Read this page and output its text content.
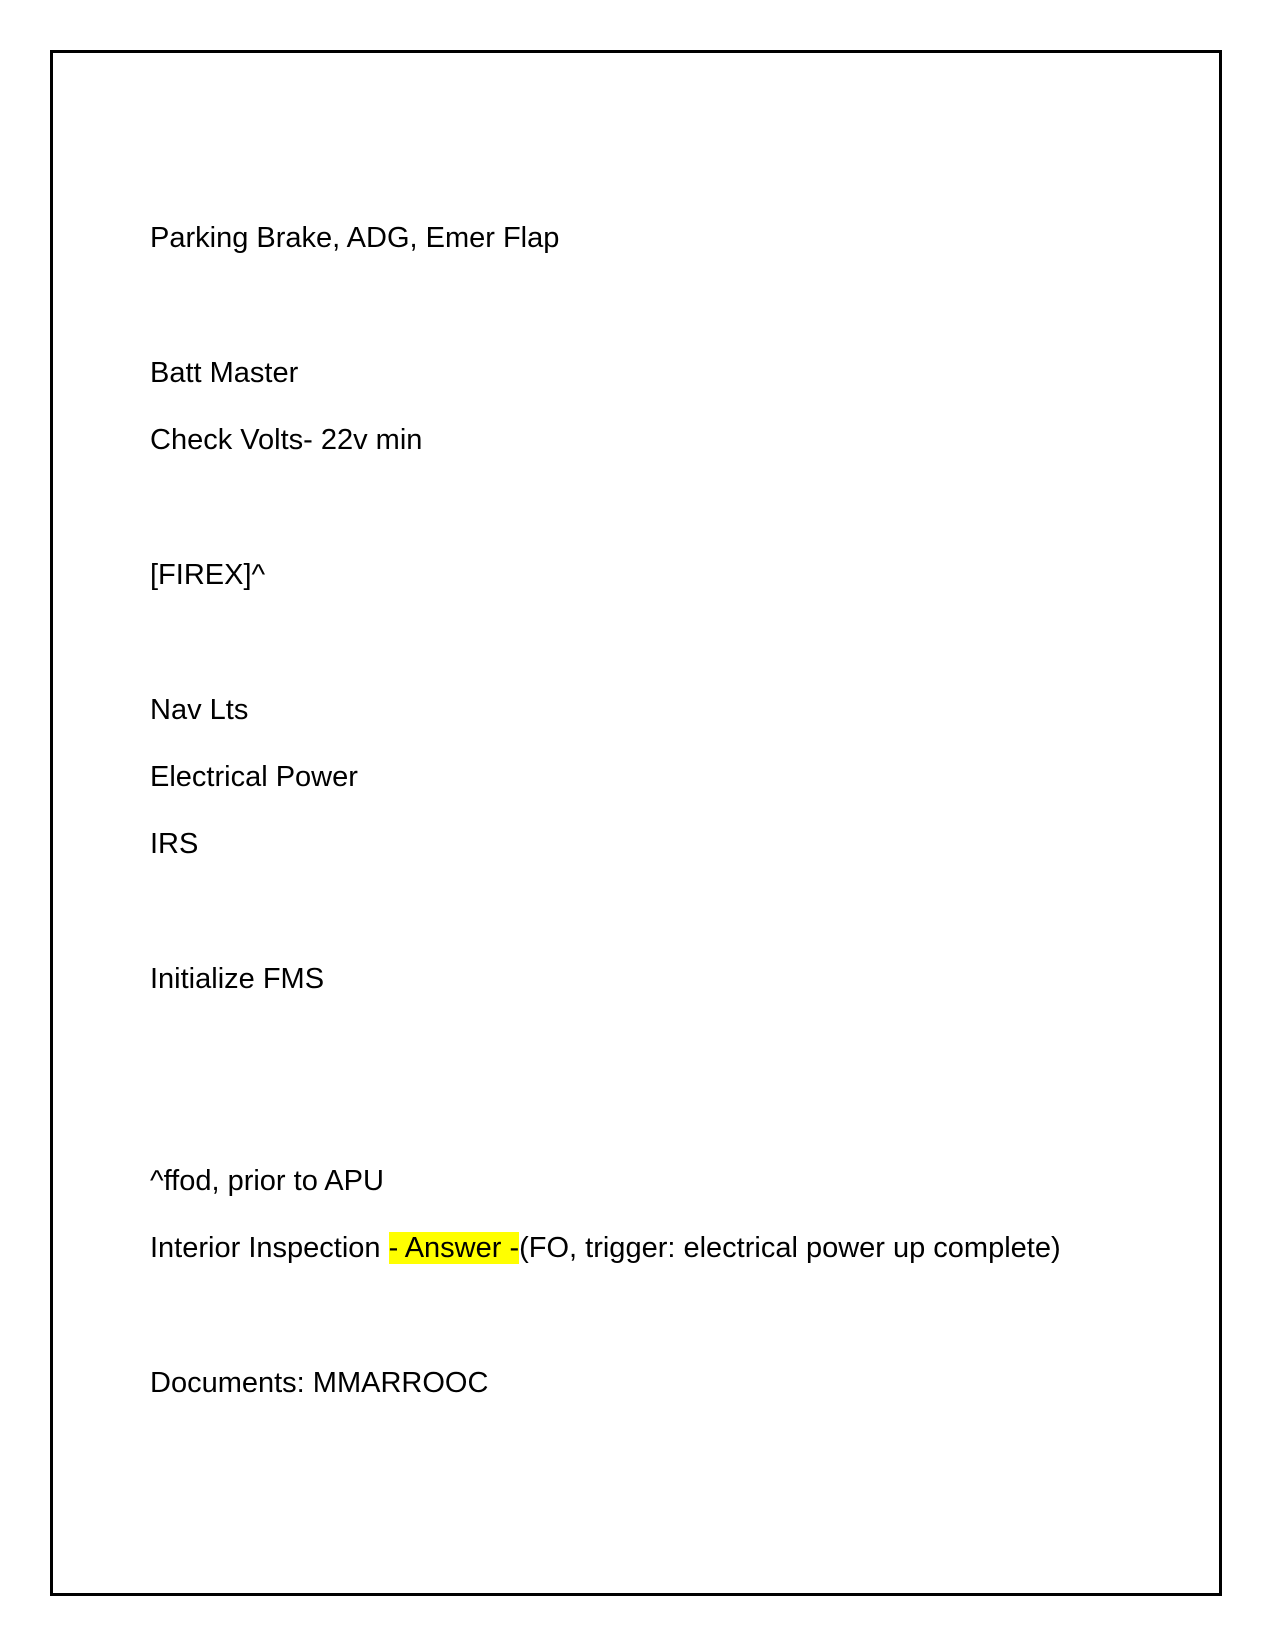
Parking Brake, ADG, Emer Flap
Batt Master
Check Volts- 22v min
[FIREX]^
Nav Lts
Electrical Power
IRS
Initialize FMS
^ffod, prior to APU
Interior Inspection - Answer -(FO, trigger: electrical power up complete)
Documents: MMARROOC
